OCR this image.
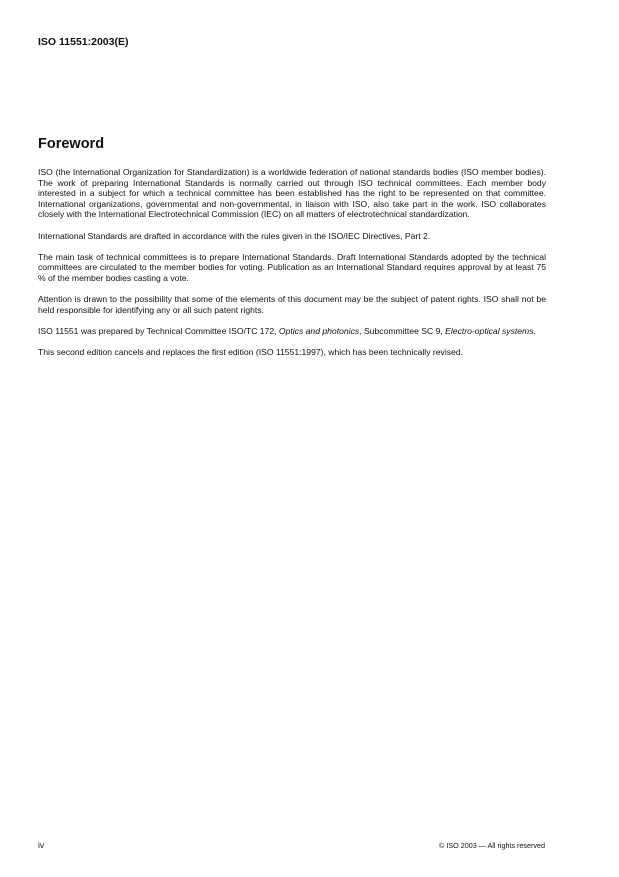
ISO 11551:2003(E)
Foreword

ISO (the International Organization for Standardization) is a worldwide federation of national standards bodies (ISO member bodies). The work of preparing International Standards is normally carried out through ISO technical committees. Each member body interested in a subject for which a technical committee has been established has the right to be represented on that committee. International organizations, governmental and non-governmental, in liaison with ISO, also take part in the work. ISO collaborates closely with the International Electrotechnical Commission (IEC) on all matters of electrotechnical standardization.

International Standards are drafted in accordance with the rules given in the ISO/IEC Directives, Part 2.

The main task of technical committees is to prepare International Standards. Draft International Standards adopted by the technical committees are circulated to the member bodies for voting. Publication as an International Standard requires approval by at least 75 % of the member bodies casting a vote.

Attention is drawn to the possibility that some of the elements of this document may be the subject of patent rights. ISO shall not be held responsible for identifying any or all such patent rights.

ISO 11551 was prepared by Technical Committee ISO/TC 172, Optics and photonics, Subcommittee SC 9, Electro-optical systems.

This second edition cancels and replaces the first edition (ISO 11551:1997), which has been technically revised.

iv	© ISO 2003 — All rights reserved
